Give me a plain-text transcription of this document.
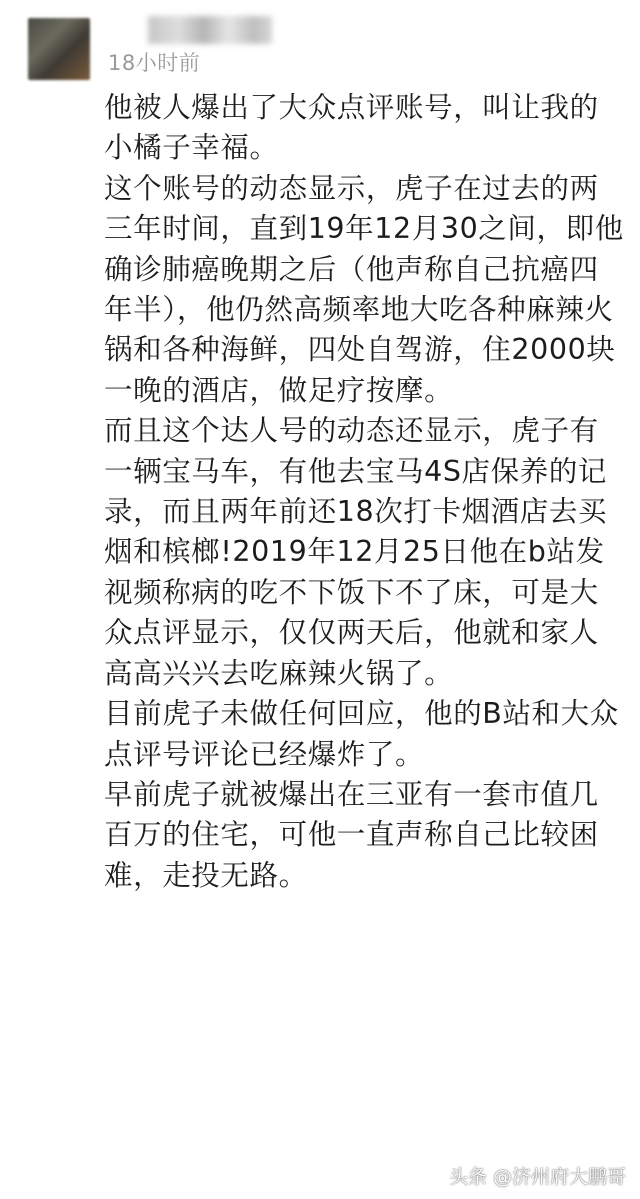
18小时前

他被人爆出了大众点评账号，叫让我的小橘子幸福。

这个账号的动态显示，虎子在过去的两三年时间，直到19年12月30之间，即他确诊肺癌晚期之后（他声称自己抗癌四年半），他仍然高频率地大吃各种麻辣火锅和各种海鲜，四处自驾游，住2000块一晚的酒店，做足疗按摩。

而且这个达人号的动态还显示，虎子有一辆宝马车，有他去宝马4S店保养的记录，而且两年前还18次打卡烟酒店去买烟和槟榔!2019年12月25日他在b站发视频称病的吃不下饭下不了床，可是大众点评显示，仅仅两天后，他就和家人高高兴兴去吃麻辣火锅了。

目前虎子未做任何回应，他的B站和大众点评号评论已经爆炸了。

早前虎子就被爆出在三亚有一套市值几百万的住宅，可他一直声称自己比较困难，走投无路。

头条 @济州府大鹏哥
